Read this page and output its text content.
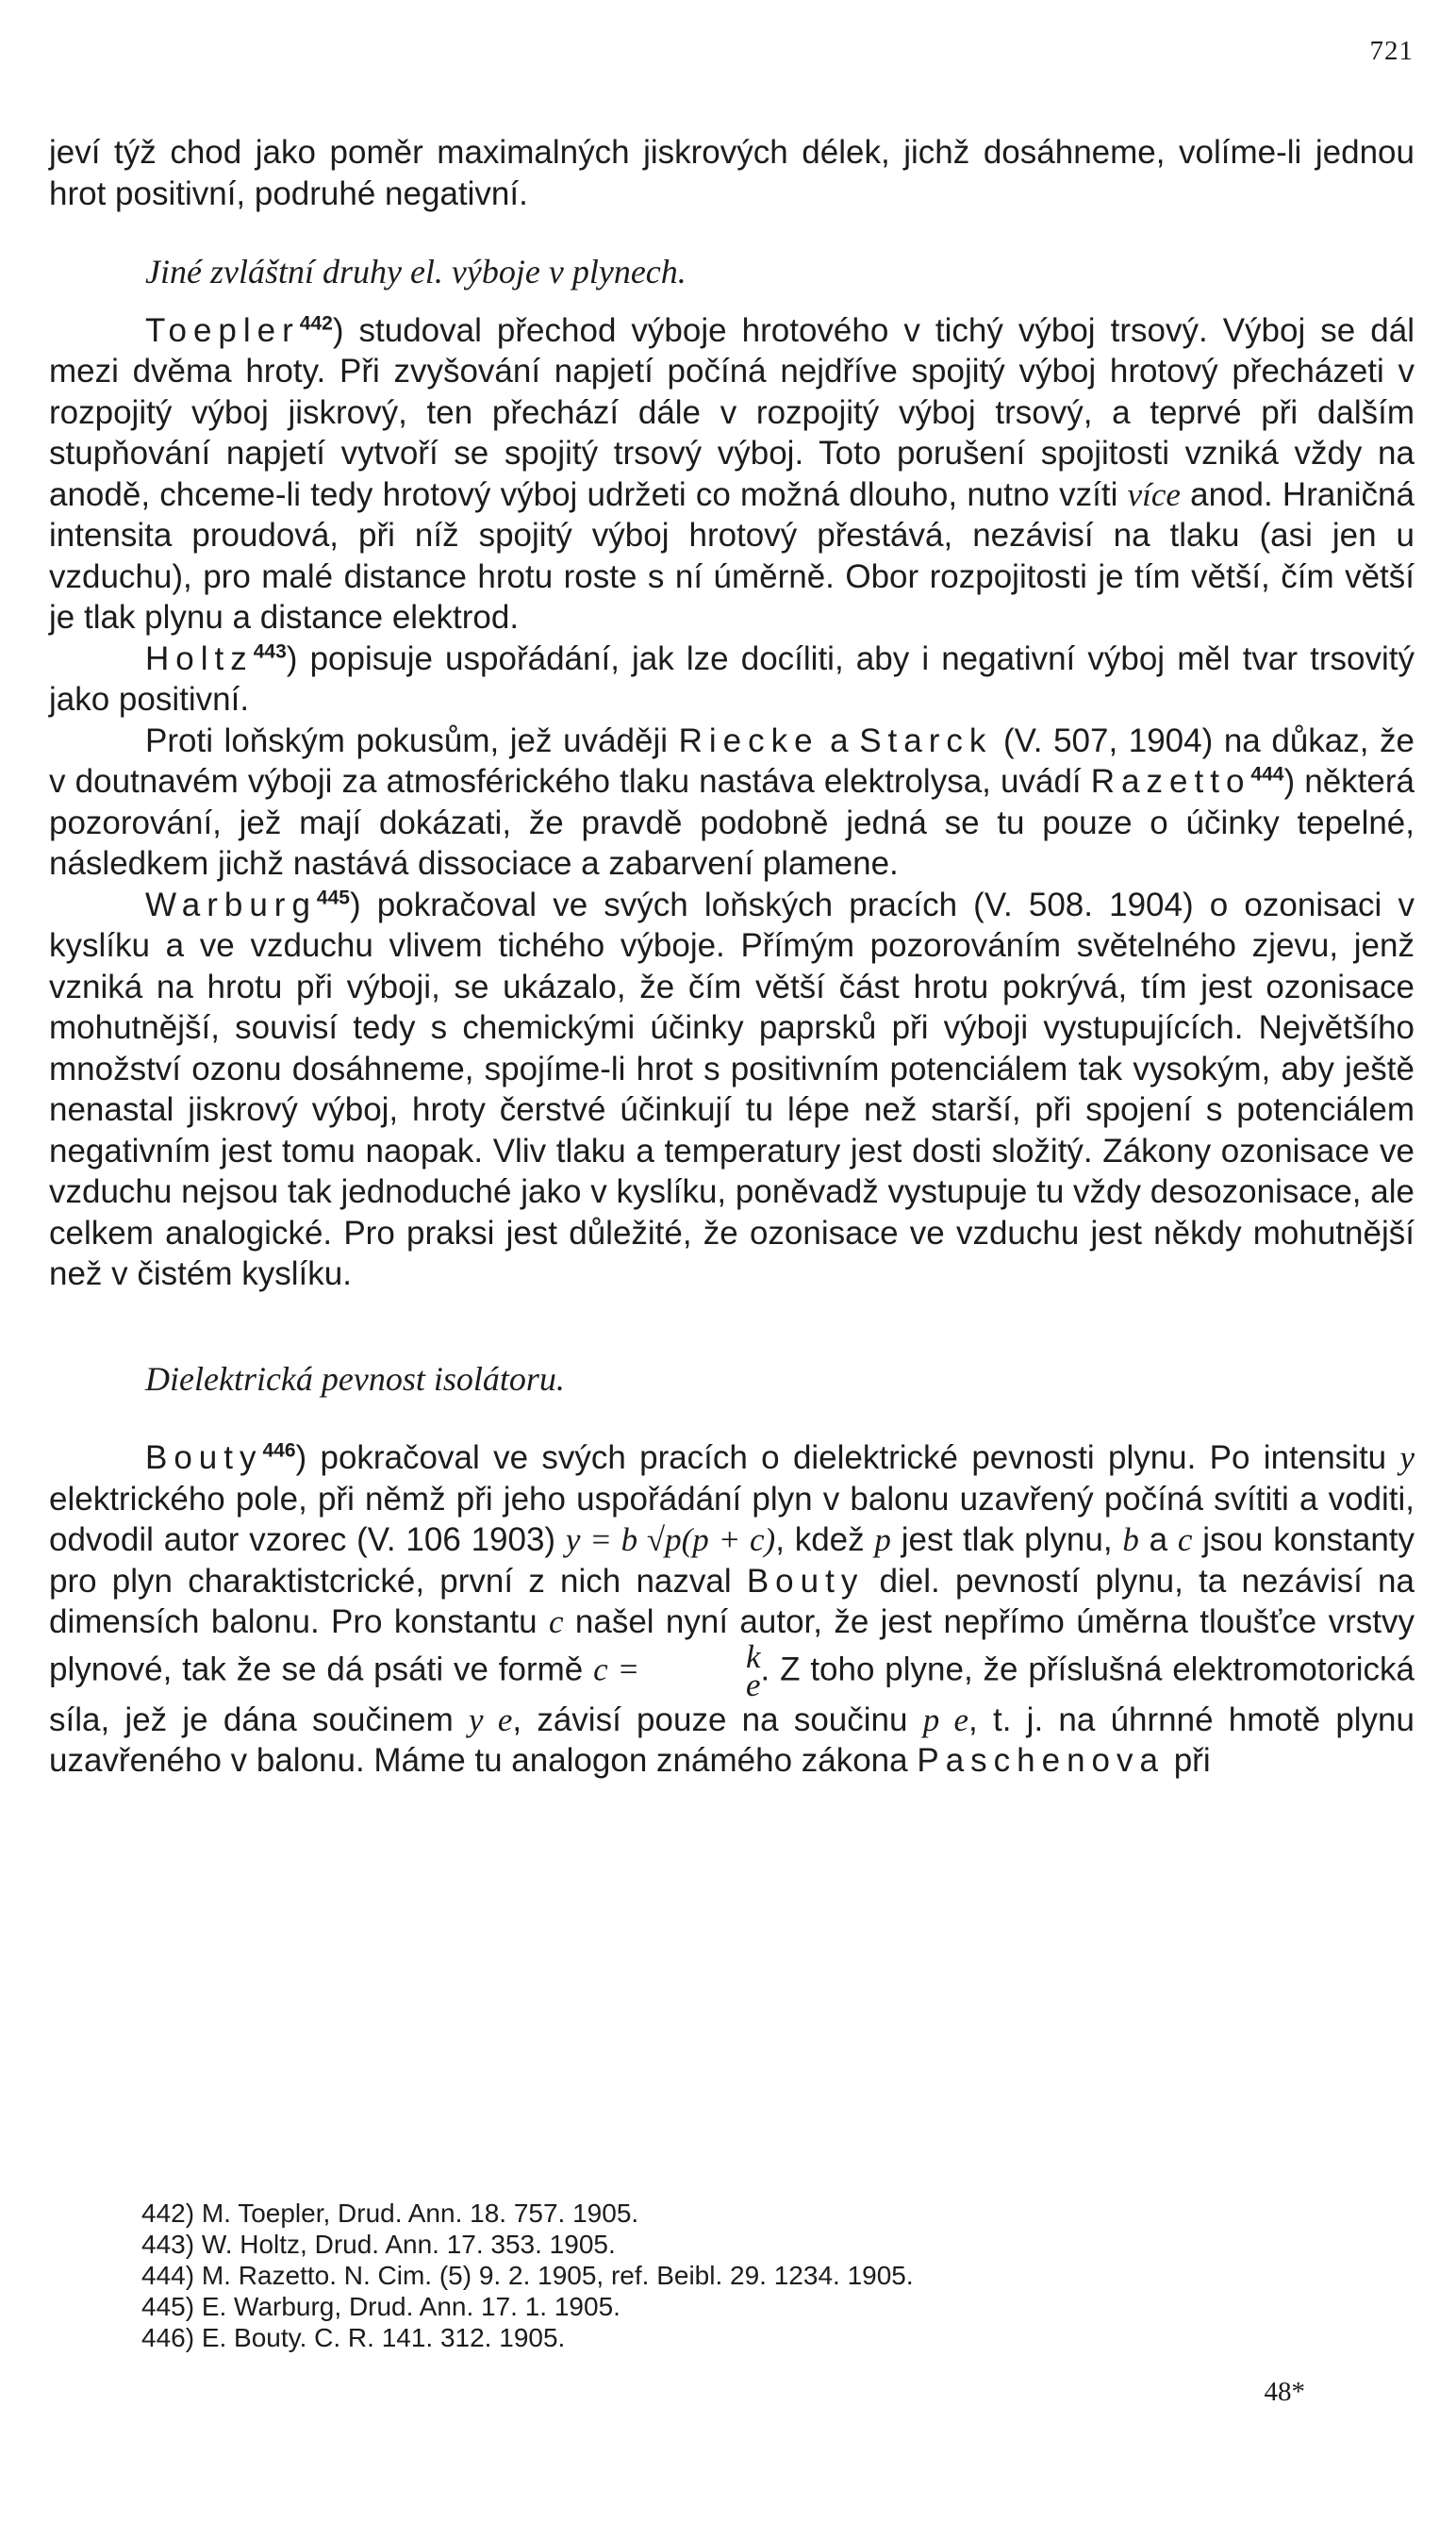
721

jeví týž chod jako poměr maximalných jiskrových délek, jichž dosáhneme, volíme-li jednou hrot positivní, podruhé negativní.

Jiné zvláštní druhy el. výboje v plynech.

Toepler$^{442}$) studoval přechod výboje hrotového v tichý výboj trsový. Výboj se dál mezi dvěma hroty. Při zvyšování napjetí počíná nejdříve spojitý výboj hrotový přecházeti v rozpojitý výboj jiskrový, ten přechází dále v rozpojitý výboj trsový, a teprvé při dalším stupňování napjetí vytvoří se spojitý trsový výboj. Toto porušení spojitosti vzniká vždy na anodě, chceme-li tedy hrotový výboj udržeti co možná dlouho, nutno vzíti více anod. Hraničná intensita proudová, při níž spojitý výboj hrotový přestává, nezávisí na tlaku (asi jen u vzduchu), pro malé distance hrotu roste s ní úměrně. Obor rozpojitosti je tím větší, čím větší je tlak plynu a distance elektrod.

Holtz$^{443}$) popisuje uspořádání, jak lze docíliti, aby i negativní výboj měl tvar trsovitý jako positivní.

Proti loňským pokusům, jež uváději Riecke a Starck (V. 507, 1904) na důkaz, že v doutnavém výboji za atmosférického tlaku nastáva elektrolysa, uvádí Razetto$^{444}$) některá pozorování, jež mají dokázati, že pravdě podobně jedná se tu pouze o účinky tepelné, následkem jichž nastává dissociace a zabarvení plamene.

Warburg$^{445}$) pokračoval ve svých loňských pracích (V. 508. 1904) o ozonisaci v kyslíku a ve vzduchu vlivem tichého výboje. Přímým pozorováním světelného zjevu, jenž vzniká na hrotu při výboji, se ukázalo, že čím větší část hrotu pokrývá, tím jest ozonisace mohutnější, souvisí tedy s chemickými účinky paprsků při výboji vystupujících. Největšího množství ozonu dosáhneme, spojíme-li hrot s positivním potenciálem tak vysokým, aby ještě nenastal jiskrový výboj, hroty čerstvé účinkují tu lépe než starší, při spojení s potenciálem negativním jest tomu naopak. Vliv tlaku a temperatury jest dosti složitý. Zákony ozonisace ve vzduchu nejsou tak jednoduché jako v kyslíku, poněvadž vystupuje tu vždy desozonisace, ale celkem analogické. Pro praksi jest důležité, že ozonisace ve vzduchu jest někdy mohutnější než v čistém kyslíku.

Dielektrická pevnost isolátoru.

Bouty$^{446}$) pokračoval ve svých pracích o dielektrické pevnosti plynu. Po intensitu y elektrického pole, při němž při jeho uspořádání plyn v balonu uzavřený počíná svítiti a voditi, odvodil autor vzorec (V. 106 1903) y = b √p(p + c), kdež p jest tlak plynu, b a c jsou konstanty pro plyn charaktistcrické, první z nich nazval Bouty diel. pevností plynu, ta nezávisí na dimensích balonu. Pro konstantu c našel nyní autor, že jest nepřímo úměrna tloušťce vrstvy plynové, tak že se dá psáti ve formě c =	k
e . Z toho plyne, že příslušná elektromotorická síla, jež je dána součinem y e, závisí pouze na součinu p e, t. j. na úhrnné hmotě plynu uzavřeného v balonu. Máme tu analogon známého zákona Paschenova při

442) M. Toepler, Drud. Ann. 18. 757. 1905.
443) W. Holtz, Drud. Ann. 17. 353. 1905.
444) M. Razetto. N. Cim. (5) 9. 2. 1905, ref. Beibl. 29. 1234. 1905.
445) E. Warburg, Drud. Ann. 17. 1. 1905.
446) E. Bouty. C. R. 141. 312. 1905.
48*
